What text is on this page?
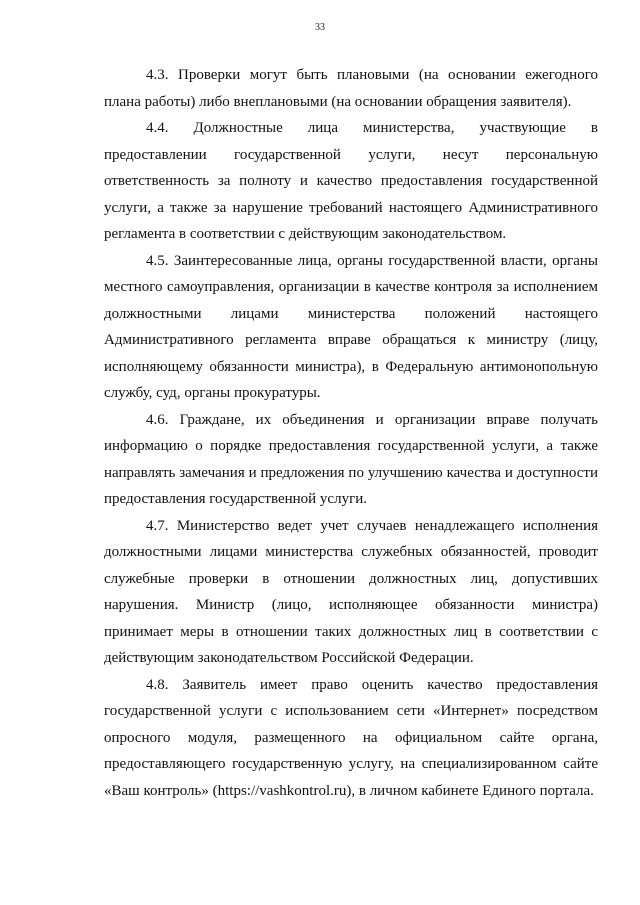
33

4.3. Проверки могут быть плановыми (на основании ежегодного плана работы) либо внеплановыми (на основании обращения заявителя).

4.4. Должностные лица министерства, участвующие в предоставлении государственной услуги, несут персональную ответственность за полноту и качество предоставления государственной услуги, а также за нарушение требований настоящего Административного регламента в соответствии с действующим законодательством.

4.5. Заинтересованные лица, органы государственной власти, органы местного самоуправления, организации в качестве контроля за исполнением должностными лицами министерства положений настоящего Административного регламента вправе обращаться к министру (лицу, исполняющему обязанности министра), в Федеральную антимонопольную службу, суд, органы прокуратуры.

4.6. Граждане, их объединения и организации вправе получать информацию о порядке предоставления государственной услуги, а также направлять замечания и предложения по улучшению качества и доступности предоставления государственной услуги.

4.7. Министерство ведет учет случаев ненадлежащего исполнения должностными лицами министерства служебных обязанностей, проводит служебные проверки в отношении должностных лиц, допустивших нарушения. Министр (лицо, исполняющее обязанности министра) принимает меры в отношении таких должностных лиц в соответствии с действующим законодательством Российской Федерации.

4.8. Заявитель имеет право оценить качество предоставления государственной услуги с использованием сети «Интернет» посредством опросного модуля, размещенного на официальном сайте органа, предоставляющего государственную услугу, на специализированном сайте «Ваш контроль» (https://vashkontrol.ru), в личном кабинете Единого портала.
